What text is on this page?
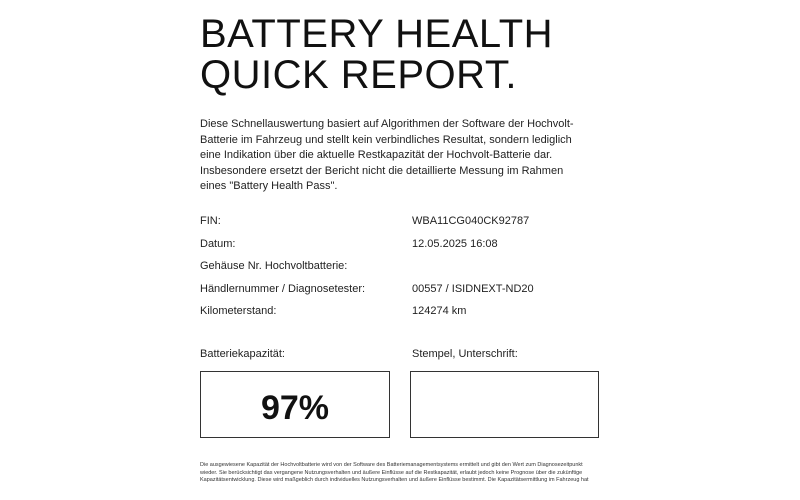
BATTERY HEALTH
QUICK REPORT.

Diese Schnellauswertung basiert auf Algorithmen der Software der Hochvolt-Batterie im Fahrzeug und stellt kein verbindliches Resultat, sondern lediglich eine Indikation über die aktuelle Restkapazität der Hochvolt-Batterie dar. Insbesondere ersetzt der Bericht nicht die detaillierte Messung im Rahmen eines "Battery Health Pass".

FIN:	WBA11CG040CK92787
Datum:	12.05.2025 16:08
Gehäuse Nr. Hochvoltbatterie:
Händlernummer / Diagnosetester:	00557 / ISIDNEXT-ND20
Kilometerstand:	124274 km
Batteriekapazität:
97%
Stempel, Unterschrift:

Die ausgewiesene Kapazität der Hochvoltbatterie wird von der Software des Batteriemanagementsystems ermittelt und gibt den Wert zum Diagnosezeitpunkt wieder. Sie berücksichtigt das vergangene Nutzungsverhalten und äußere Einflüsse auf die Restkapazität, erlaubt jedoch keine Prognose über die zukünftige Kapazitätsentwicklung. Diese wird maßgeblich durch individuelles Nutzungsverhalten und äußere Einflüsse bestimmt. Die Kapazitätsermittlung im Fahrzeug hat
